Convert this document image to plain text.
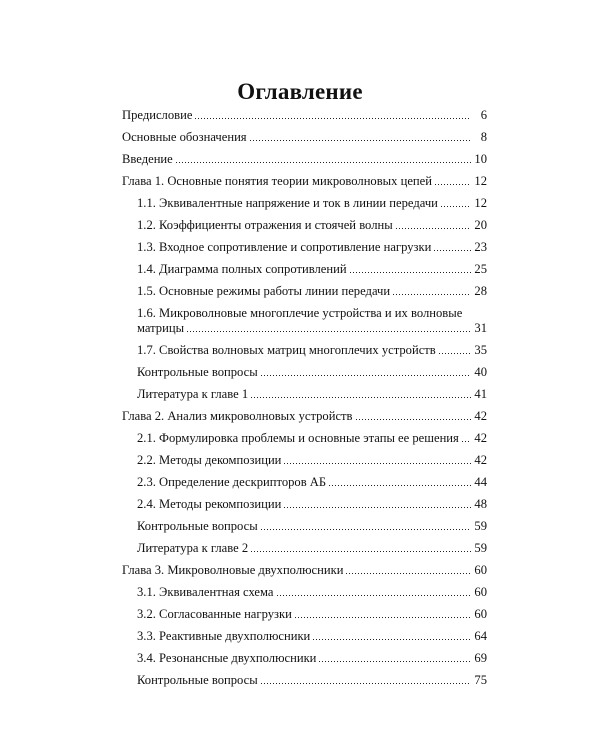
Оглавление
Предисловие	6
Основные обозначения	8
Введение	10
Глава 1. Основные понятия теории микроволновых цепей	12
1.1. Эквивалентные напряжение и ток в линии передачи	12
1.2. Коэффициенты отражения и стоячей волны	20
1.3. Входное сопротивление и сопротивление нагрузки	23
1.4. Диаграмма полных сопротивлений	25
1.5. Основные режимы работы линии передачи	28
1.6. Микроволновые многоплечие устройства и их волновые
матрицы	31
1.7. Свойства волновых матриц многоплечих устройств	35
Контрольные вопросы	40
Литература к главе 1	41
Глава 2. Анализ микроволновых устройств	42
2.1. Формулировка проблемы и основные этапы ее решения 42
2.2. Методы декомпозиции	42
2.3. Определение дескрипторов АБ	44
2.4. Методы рекомпозиции	48
Контрольные вопросы	59
Литература к главе 2	59
Глава 3. Микроволновые двухполюсники	60
3.1. Эквивалентная схема	60
3.2. Согласованные нагрузки	60
3.3. Реактивные двухполюсники	64
3.4. Резонансные двухполюсники	69
Контрольные вопросы	75
